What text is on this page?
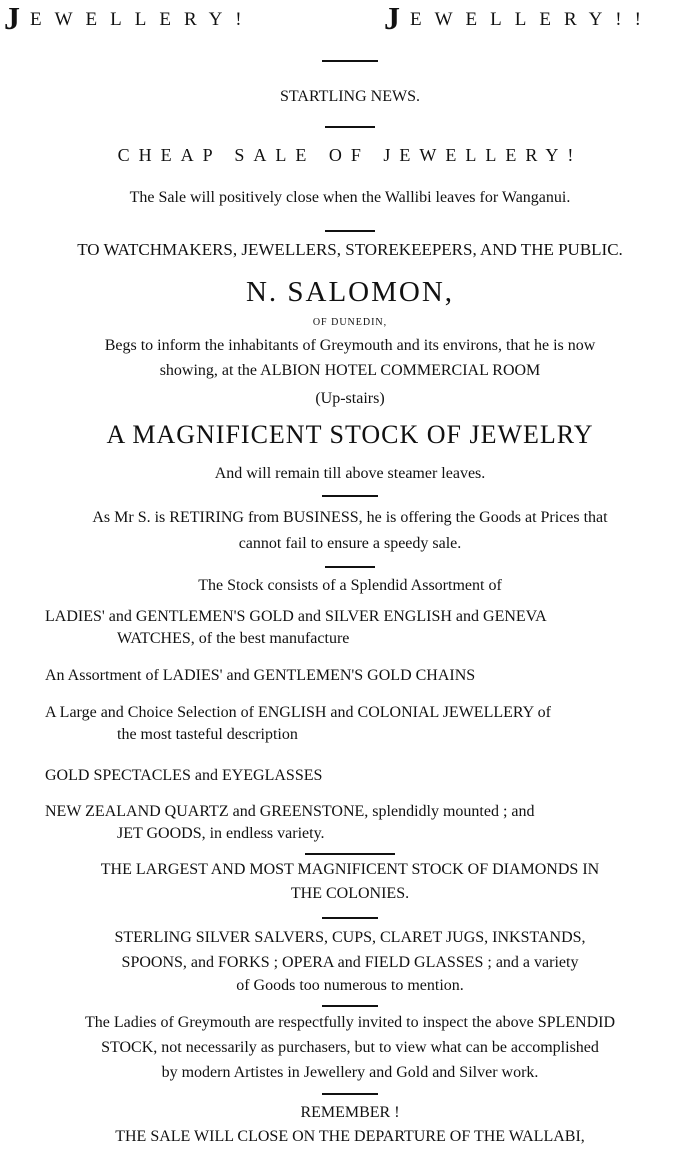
JEWELLERY!	JEWELLERY!!
STARTLING NEWS.
CHEAP SALE OF JEWELLERY!
The Sale will positively close when the Wallibi leaves for Wanganui.
TO WATCHMAKERS, JEWELLERS, STOREKEEPERS, AND THE PUBLIC.
N. SALOMON,
OF DUNEDIN,
Begs to inform the inhabitants of Greymouth and its environs, that he is now
showing, at the ALBION HOTEL COMMERCIAL ROOM
(Up-stairs)
A MAGNIFICENT STOCK OF JEWELRY
And will remain till above steamer leaves.
As Mr S. is RETIRING from BUSINESS, he is offering the Goods at Prices that
cannot fail to ensure a speedy sale.
The Stock consists of a Splendid Assortment of
LADIES' and GENTLEMEN'S GOLD and SILVER ENGLISH and GENEVA
WATCHES, of the best manufacture
An Assortment of LADIES' and GENTLEMEN'S GOLD CHAINS
A Large and Choice Selection of ENGLISH and COLONIAL JEWELLERY of
the most tasteful description
GOLD SPECTACLES and EYEGLASSES
NEW ZEALAND QUARTZ and GREENSTONE, splendidly mounted ; and
JET GOODS, in endless variety.
THE LARGEST AND MOST MAGNIFICENT STOCK OF DIAMONDS IN
THE COLONIES.
STERLING SILVER SALVERS, CUPS, CLARET JUGS, INKSTANDS,
SPOONS, and FORKS ; OPERA and FIELD GLASSES ; and a variety
of Goods too numerous to mention.
The Ladies of Greymouth are respectfully invited to inspect the above SPLENDID
STOCK, not necessarily as purchasers, but to view what can be accomplished
by modern Artistes in Jewellery and Gold and Silver work.
REMEMBER !
THE SALE WILL CLOSE ON THE DEPARTURE OF THE WALLABI,
